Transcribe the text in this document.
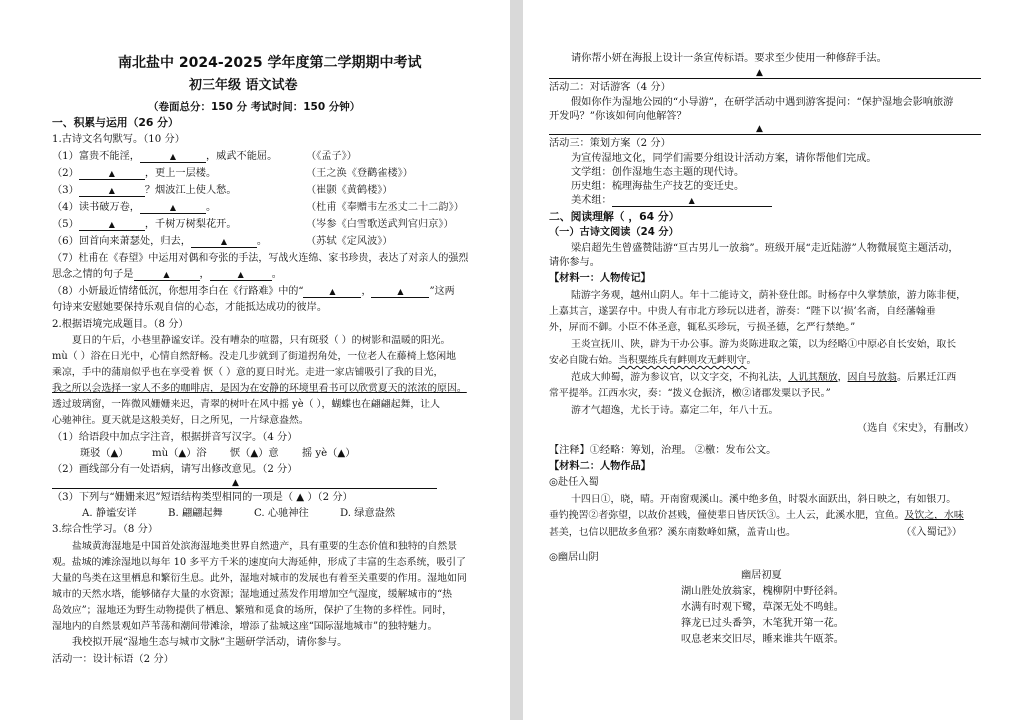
南北盐中 2024-2025 学年度第二学期期中考试
初三年级 语文试卷
（卷面总分：150 分 考试时间：150 分钟）
一、积累与运用（26 分）
1.古诗文名句默写。（10 分）
（1）富贵不能淫，	▲	，威武不能屈。	（《孟子》）
（2）	▲	，更上一层楼。	（王之涣《登鹳雀楼》）
（3）	▲	？烟波江上使人愁。	（崔颢《黄鹤楼》）
（4）读书破万卷，	▲	。	（杜甫《奉赠韦左丞丈二十二韵》）
（5）	▲	，千树万树梨花开。	（岑参《白雪歌送武判官归京》）
（6）回首向来萧瑟处，归去，	▲	。	（苏轼《定风波》）
（7）杜甫在《春望》中运用对偶和夸张的手法，写战火连绵、家书珍贵，表达了对亲人的强烈
思念之情的句子是	▲	，	▲	。
（8）小妍最近情绪低沉，你想用李白在《行路难》中的“	▲	，	▲	”这两
句诗来安慰她要保持乐观自信的心态，才能抵达成功的彼岸。
2.根据语境完成题目。（8 分）
夏日的午后，小巷里静谧安详。没有嘈杂的喧嚣，只有斑驳（ ）的树影和温暖的阳光。
mù（ ）浴在日光中，心情自然舒畅。没走几步就到了街道拐角处，一位老人在藤椅上悠闲地
乘凉，手中的蒲扇似乎也在享受着 恹（ ）意的夏日时光。走进一家店铺吸引了我的目光，
我之所以会选择一家人不多的咖啡店，是因为在安静的环境里看书可以欣赏夏天的浓浓的原因。
透过玻璃窗，一阵微风姗姗来迟，青翠的树叶在风中摇 yè（ ），蝴蝶也在翩翩起舞，让人
心驰神往。夏天就是这般美好，日之所见，一片绿意盎然。
（1）给语段中加点字注音，根据拼音写汉字。（4 分）
斑驳（▲） mù（▲）浴 恹（▲）意 摇 yè（▲）
（2）画线部分有一处语病，请写出修改意见。（2 分）
▲
（3）下列与“姗姗来迟”短语结构类型相同的一项是（ ▲ ）（2 分）
A. 静谧安详	B. 翩翩起舞	C. 心驰神往	D. 绿意盎然
3.综合性学习。（8 分）
盐城黄海湿地是中国首处滨海湿地类世界自然遗产，具有重要的生态价值和独特的自然景
观。盐城的滩涂湿地以每年 10 多平方千米的速度向大海延伸，形成了丰富的生态系统，吸引了
大量的鸟类在这里栖息和繁衍生息。此外，湿地对城市的发展也有着至关重要的作用。湿地如同
城市的天然水塔，能够储存大量的水资源；湿地通过蒸发作用增加空气湿度，缓解城市的“热
岛效应”；湿地还为野生动物提供了栖息、繁殖和觅食的场所，保护了生物的多样性。同时，
湿地内的自然景观如芦苇荡和潮间带滩涂，增添了盐城这座“国际湿地城市”的独特魅力。
我校拟开展“湿地生态与城市文脉”主题研学活动，请你参与。
活动一：设计标语（2 分）
请你帮小妍在海报上设计一条宣传标语。要求至少使用一种修辞手法。
▲
活动二：对话游客（4 分）
假如你作为湿地公园的“小导游”，在研学活动中遇到游客提问：“保护湿地会影响旅游
开发吗？”你该如何向他解答？
▲
活动三：策划方案（2 分）
为宣传湿地文化，同学们需要分组设计活动方案，请你帮他们完成。
文学组：创作湿地生态主题的现代诗。
历史组：梳理海盐生产技艺的变迁史。
美术组：	▲
二、阅读理解（ ，64 分）
（一）古诗文阅读（24 分）
梁启超先生曾盛赞陆游“亘古男儿一放翁”。班级开展“走近陆游”人物微展览主题活动，
请你参与。
【材料一：人物传记】
陆游字务观，越州山阴人。年十二能诗文，荫补登仕郎。时杨存中久掌禁旅，游力陈非便，
上嘉其言，遂罢存中。中贵人有市北方珍玩以进者，游奏：“陛下以‘损’名斋，自经藩翰垂
外，屏而不御。小臣不体圣意，辄私买珍玩，亏损圣德，乞严行禁绝。”
王炎宣抚川、陕，辟为干办公事。游为炎陈进取之策，以为经略①中原必自长安始，取长
安必自陇右始。当积粟练兵有衅则攻无衅则守。
范成大帅蜀，游为参议官，以文字交，不拘礼法，人讥其颓放，因自号放翁。后累迁江西
常平提举。江西水灾，奏：“拨义仓振济，檄②诸郡发粟以予民。”
游才气超逸，尤长于诗。嘉定二年，年八十五。
（选自《宋史》，有删改）
【注释】①经略：筹划，治理。 ②檄：发布公文。
【材料二：人物作品】
◎赴任入蜀
十四日①，晓，晴。开南窗观溪山。溪中绝多鱼，时裂水面跃出，斜日映之，有如银刀。
垂钓挽罟②者弥望，以故价甚贱，僮使辈日皆厌饫③。土人云，此溪水肥，宜鱼。及饮之，水味
甚美，乜信以肥故多鱼邪？溪东南数峰如黛，盖青山也。	（《入蜀记》）
◎幽居山阴
幽居初夏
湖山胜处放翁家，槐柳阴中野径斜。
水满有时观下鹭，草深无处不鸣蛙。
箨龙已过头番笋，木笔犹开第一花。
叹息老来交旧尽，睡来谁共午瓯茶。
